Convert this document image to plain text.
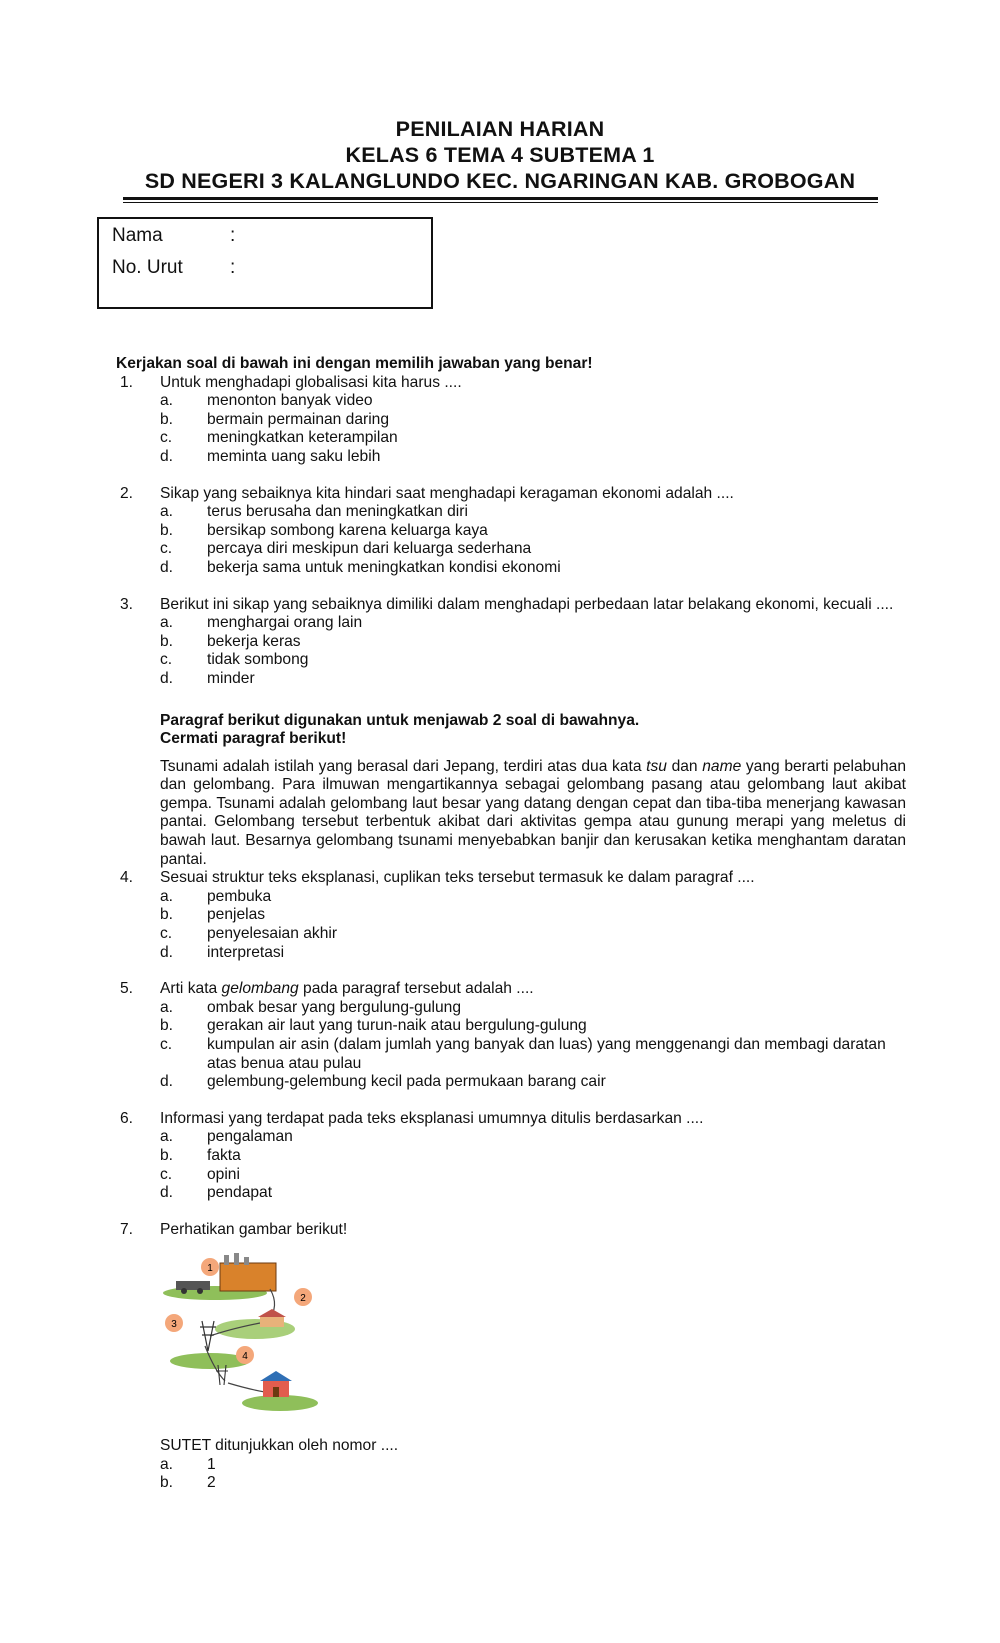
PENILAIAN HARIAN
KELAS 6 TEMA 4 SUBTEMA 1
SD NEGERI 3 KALANGLUNDO KEC. NGARINGAN KAB. GROBOGAN
Nama	:
No. Urut :
Kerjakan soal di bawah ini dengan memilih jawaban yang benar!
1. Untuk menghadapi globalisasi kita harus ....
a. menonton banyak video
b. bermain permainan daring
c. meningkatkan keterampilan
d. meminta uang saku lebih
2. Sikap yang sebaiknya kita hindari saat menghadapi keragaman ekonomi adalah ....
a. terus berusaha dan meningkatkan diri
b. bersikap sombong karena keluarga kaya
c. percaya diri meskipun dari keluarga sederhana
d. bekerja sama untuk meningkatkan kondisi ekonomi
3. Berikut ini sikap yang sebaiknya dimiliki dalam menghadapi perbedaan latar belakang ekonomi, kecuali ....
a. menghargai orang lain
b. bekerja keras
c. tidak sombong
d. minder
Paragraf berikut digunakan untuk menjawab 2 soal di bawahnya.
Cermati paragraf berikut!
Tsunami adalah istilah yang berasal dari Jepang, terdiri atas dua kata tsu dan name yang berarti pelabuhan dan gelombang. Para ilmuwan mengartikannya sebagai gelombang pasang atau gelombang laut akibat gempa. Tsunami adalah gelombang laut besar yang datang dengan cepat dan tiba-tiba menerjang kawasan pantai. Gelombang tersebut terbentuk akibat dari aktivitas gempa atau gunung merapi yang meletus di bawah laut. Besarnya gelombang tsunami menyebabkan banjir dan kerusakan ketika menghantam daratan pantai.
4. Sesuai struktur teks eksplanasi, cuplikan teks tersebut termasuk ke dalam paragraf ....
a. pembuka
b. penjelas
c. penyelesaian akhir
d. interpretasi
5. Arti kata gelombang pada paragraf tersebut adalah ....
a. ombak besar yang bergulung-gulung
b. gerakan air laut yang turun-naik atau bergulung-gulung
c. kumpulan air asin (dalam jumlah yang banyak dan luas) yang menggenangi dan membagi daratan atas benua atau pulau
d. gelembung-gelembung kecil pada permukaan barang cair
6. Informasi yang terdapat pada teks eksplanasi umumnya ditulis berdasarkan ....
a. pengalaman
b. fakta
c. opini
d. pendapat
7. Perhatikan gambar berikut!
1
2
3
4
SUTET ditunjukkan oleh nomor ....
a. 1
b. 2
